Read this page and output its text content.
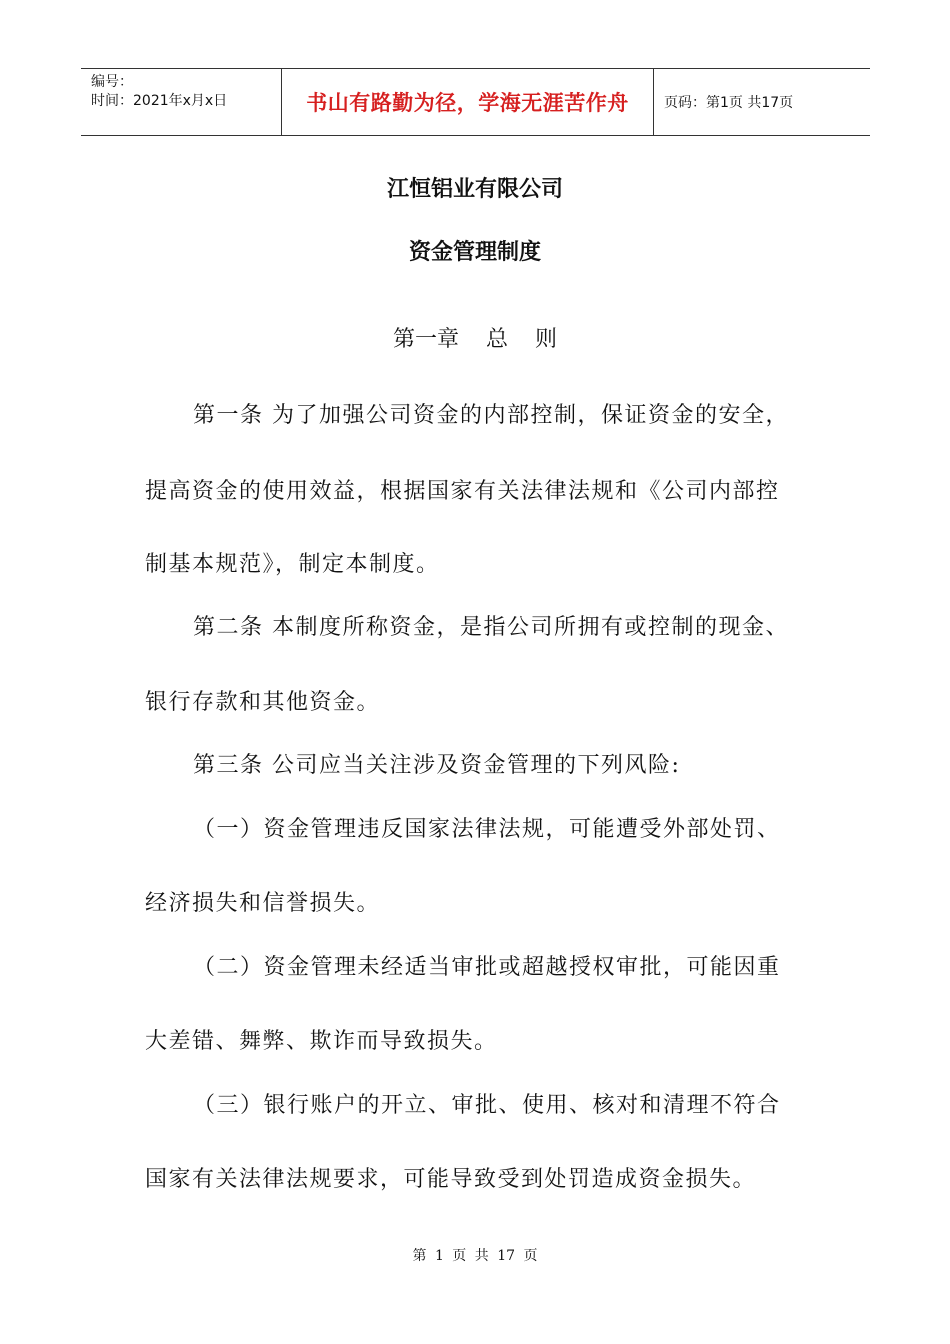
编号：
时间：2021年x月x日	书山有路勤为径，学海无涯苦作舟	页码：第1页 共17页
江恒铝业有限公司
资金管理制度
第一章 总 则
第一条 为了加强公司资金的内部控制，保证资金的安全，
提高资金的使用效益，根据国家有关法律法规和《公司内部控
制基本规范》，制定本制度。
第二条 本制度所称资金，是指公司所拥有或控制的现金、
银行存款和其他资金。
第三条 公司应当关注涉及资金管理的下列风险:
（一）资金管理违反国家法律法规，可能遭受外部处罚、
经济损失和信誉损失。
（二）资金管理未经适当审批或超越授权审批，可能因重
大差错、舞弊、欺诈而导致损失。
（三）银行账户的开立、审批、使用、核对和清理不符合
国家有关法律法规要求，可能导致受到处罚造成资金损失。
第 1 页 共 17 页
